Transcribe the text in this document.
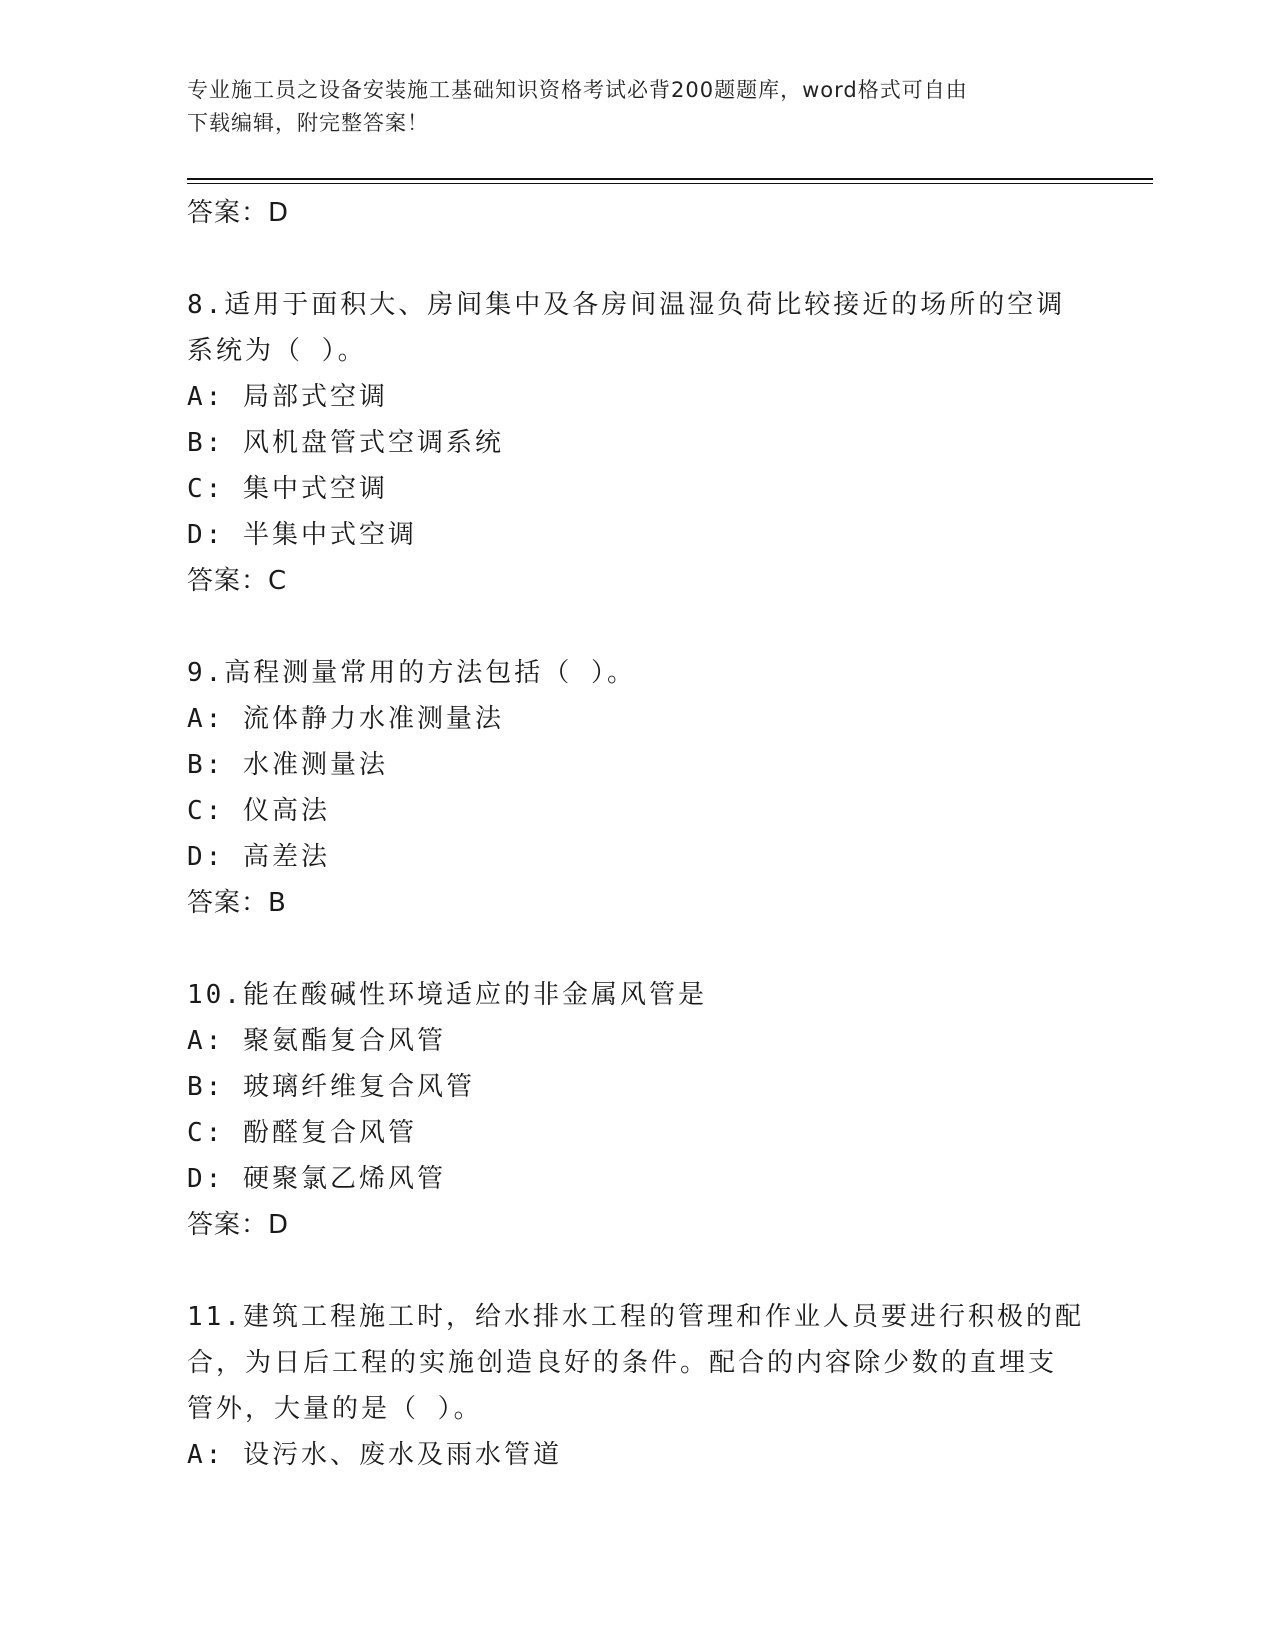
专业施工员之设备安装施工基础知识资格考试必背200题题库，word格式可自由
下载编辑，附完整答案！

答案：D

8.适用于面积大、房间集中及各房间温湿负荷比较接近的场所的空调

系统为（ ）。

A: 局部式空调

B: 风机盘管式空调系统

C: 集中式空调

D: 半集中式空调

答案：C

9.高程测量常用的方法包括（ ）。

A: 流体静力水准测量法

B: 水准测量法

C: 仪高法

D: 高差法

答案：B

10.能在酸碱性环境适应的非金属风管是

A: 聚氨酯复合风管

B: 玻璃纤维复合风管

C: 酚醛复合风管

D: 硬聚氯乙烯风管

答案：D

11.建筑工程施工时，给水排水工程的管理和作业人员要进行积极的配

合，为日后工程的实施创造良好的条件。配合的内容除少数的直埋支

管外，大量的是（ ）。

A: 设污水、废水及雨水管道
